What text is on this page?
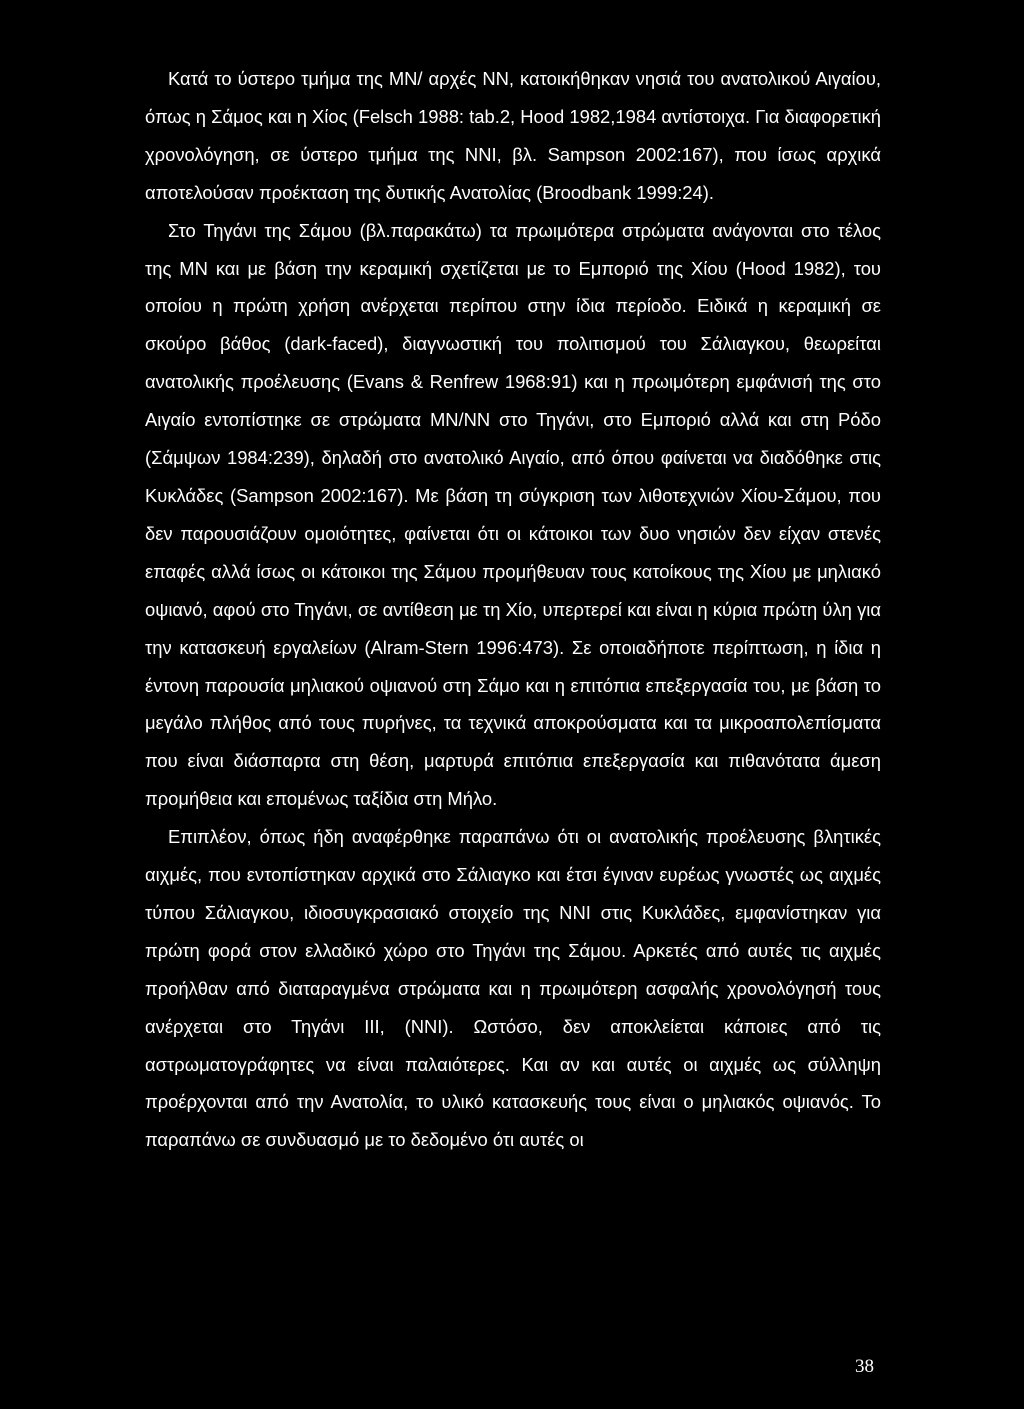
Κατά το ύστερο τμήμα της ΜΝ/ αρχές ΝΝ, κατοικήθηκαν νησιά του ανατολικού Αιγαίου, όπως η Σάμος και η Χίος (Felsch 1988: tab.2, Hood 1982,1984 αντίστοιχα. Για διαφορετική χρονολόγηση, σε ύστερο τμήμα της ΝΝΙ, βλ. Sampson 2002:167), που ίσως αρχικά αποτελούσαν προέκταση της δυτικής Ανατολίας (Broodbank 1999:24).

Στο Τηγάνι της Σάμου (βλ.παρακάτω) τα πρωιμότερα στρώματα ανάγονται στο τέλος της ΜΝ και με βάση την κεραμική σχετίζεται με το Εμποριό της Χίου (Hood 1982), του οποίου η πρώτη χρήση ανέρχεται περίπου στην ίδια περίοδο. Ειδικά η κεραμική σε σκούρο βάθος (dark-faced), διαγνωστική του πολιτισμού του Σάλιαγκου, θεωρείται ανατολικής προέλευσης (Evans & Renfrew 1968:91) και η πρωιμότερη εμφάνισή της στο Αιγαίο εντοπίστηκε σε στρώματα ΜΝ/ΝΝ στο Τηγάνι, στο Εμποριό αλλά και στη Ρόδο (Σάμψων 1984:239), δηλαδή στο ανατολικό Αιγαίο, από όπου φαίνεται να διαδόθηκε στις Κυκλάδες (Sampson 2002:167). Με βάση τη σύγκριση των λιθοτεχνιών Χίου-Σάμου, που δεν παρουσιάζουν ομοιότητες, φαίνεται ότι οι κάτοικοι των δυο νησιών δεν είχαν στενές επαφές αλλά ίσως οι κάτοικοι της Σάμου προμήθευαν τους κατοίκους της Χίου με μηλιακό οψιανό, αφού στο Τηγάνι, σε αντίθεση με τη Χίο, υπερτερεί και είναι η κύρια πρώτη ύλη για την κατασκευή εργαλείων (Alram-Stern 1996:473). Σε οποιαδήποτε περίπτωση, η ίδια η έντονη παρουσία μηλιακού οψιανού στη Σάμο και η επιτόπια επεξεργασία του, με βάση το μεγάλο πλήθος από τους πυρήνες, τα τεχνικά αποκρούσματα και τα μικροαπολεπίσματα που είναι διάσπαρτα στη θέση, μαρτυρά επιτόπια επεξεργασία και πιθανότατα άμεση προμήθεια και επομένως ταξίδια στη Μήλο.

Επιπλέον, όπως ήδη αναφέρθηκε παραπάνω ότι οι ανατολικής προέλευσης βλητικές αιχμές, που εντοπίστηκαν αρχικά στο Σάλιαγκο και έτσι έγιναν ευρέως γνωστές ως αιχμές τύπου Σάλιαγκου, ιδιοσυγκρασιακό στοιχείο της ΝΝΙ στις Κυκλάδες, εμφανίστηκαν για πρώτη φορά στον ελλαδικό χώρο στο Τηγάνι της Σάμου. Αρκετές από αυτές τις αιχμές προήλθαν από διαταραγμένα στρώματα και η πρωιμότερη ασφαλής χρονολόγησή τους ανέρχεται στο Τηγάνι ΙΙΙ, (ΝΝΙ). Ωστόσο, δεν αποκλείεται κάποιες από τις αστρωματογράφητες να είναι παλαιότερες. Και αν και αυτές οι αιχμές ως σύλληψη προέρχονται από την Ανατολία, το υλικό κατασκευής τους είναι ο μηλιακός οψιανός. Το παραπάνω σε συνδυασμό με το δεδομένο ότι αυτές οι

38
